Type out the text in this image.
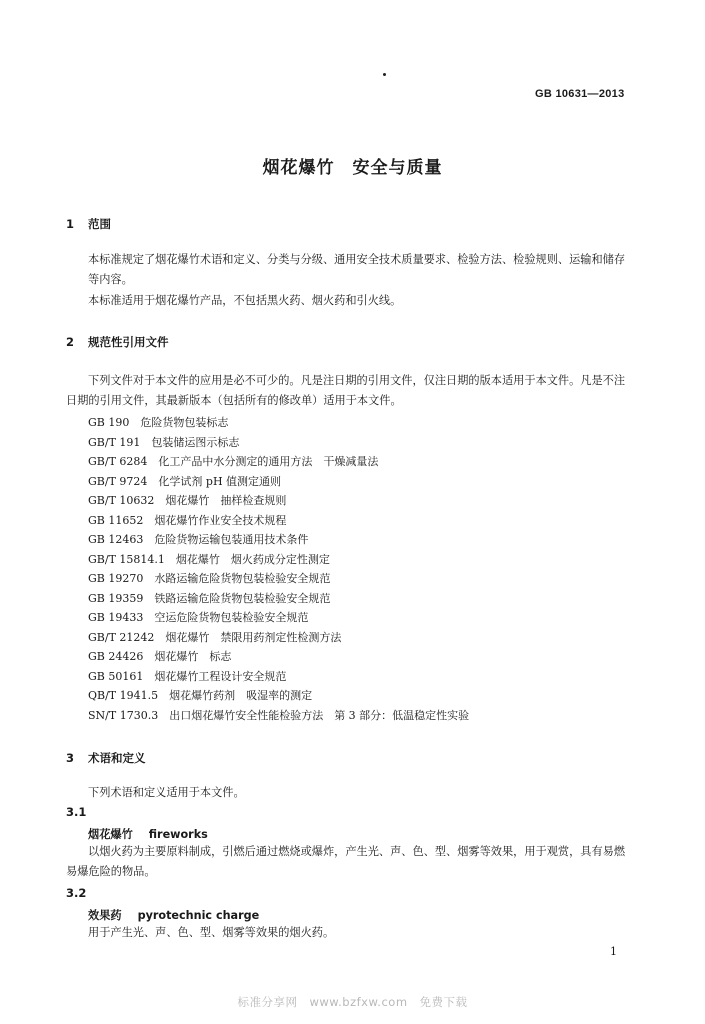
GB 10631—2013
烟花爆竹　安全与质量
1 范围
本标准规定了烟花爆竹术语和定义、分类与分级、通用安全技术质量要求、检验方法、检验规则、运输和储存等内容。
本标准适用于烟花爆竹产品，不包括黑火药、烟火药和引火线。
2 规范性引用文件
下列文件对于本文件的应用是必不可少的。凡是注日期的引用文件，仅注日期的版本适用于本文件。凡是不注日期的引用文件，其最新版本（包括所有的修改单）适用于本文件。
GB 190　危险货物包装标志
GB/T 191　包装储运图示标志
GB/T 6284　化工产品中水分测定的通用方法　干燥减量法
GB/T 9724　化学试剂 pH 值测定通则
GB/T 10632　烟花爆竹　抽样检查规则
GB 11652　烟花爆竹作业安全技术规程
GB 12463　危险货物运输包装通用技术条件
GB/T 15814.1　烟花爆竹　烟火药成分定性测定
GB 19270　水路运输危险货物包装检验安全规范
GB 19359　铁路运输危险货物包装检验安全规范
GB 19433　空运危险货物包装检验安全规范
GB/T 21242　烟花爆竹　禁限用药剂定性检测方法
GB 24426　烟花爆竹　标志
GB 50161　烟花爆竹工程设计安全规范
QB/T 1941.5　烟花爆竹药剂　吸湿率的测定
SN/T 1730.3　出口烟花爆竹安全性能检验方法　第 3 部分：低温稳定性实验
3 术语和定义
下列术语和定义适用于本文件。
3.1
烟花爆竹 fireworks
以烟火药为主要原料制成，引燃后通过燃烧或爆炸，产生光、声、色、型、烟雾等效果，用于观赏，具有易燃易爆危险的物品。
3.2
效果药 pyrotechnic charge
用于产生光、声、色、型、烟雾等效果的烟火药。
1
标准分享网　www.bzfxw.com　免费下载
